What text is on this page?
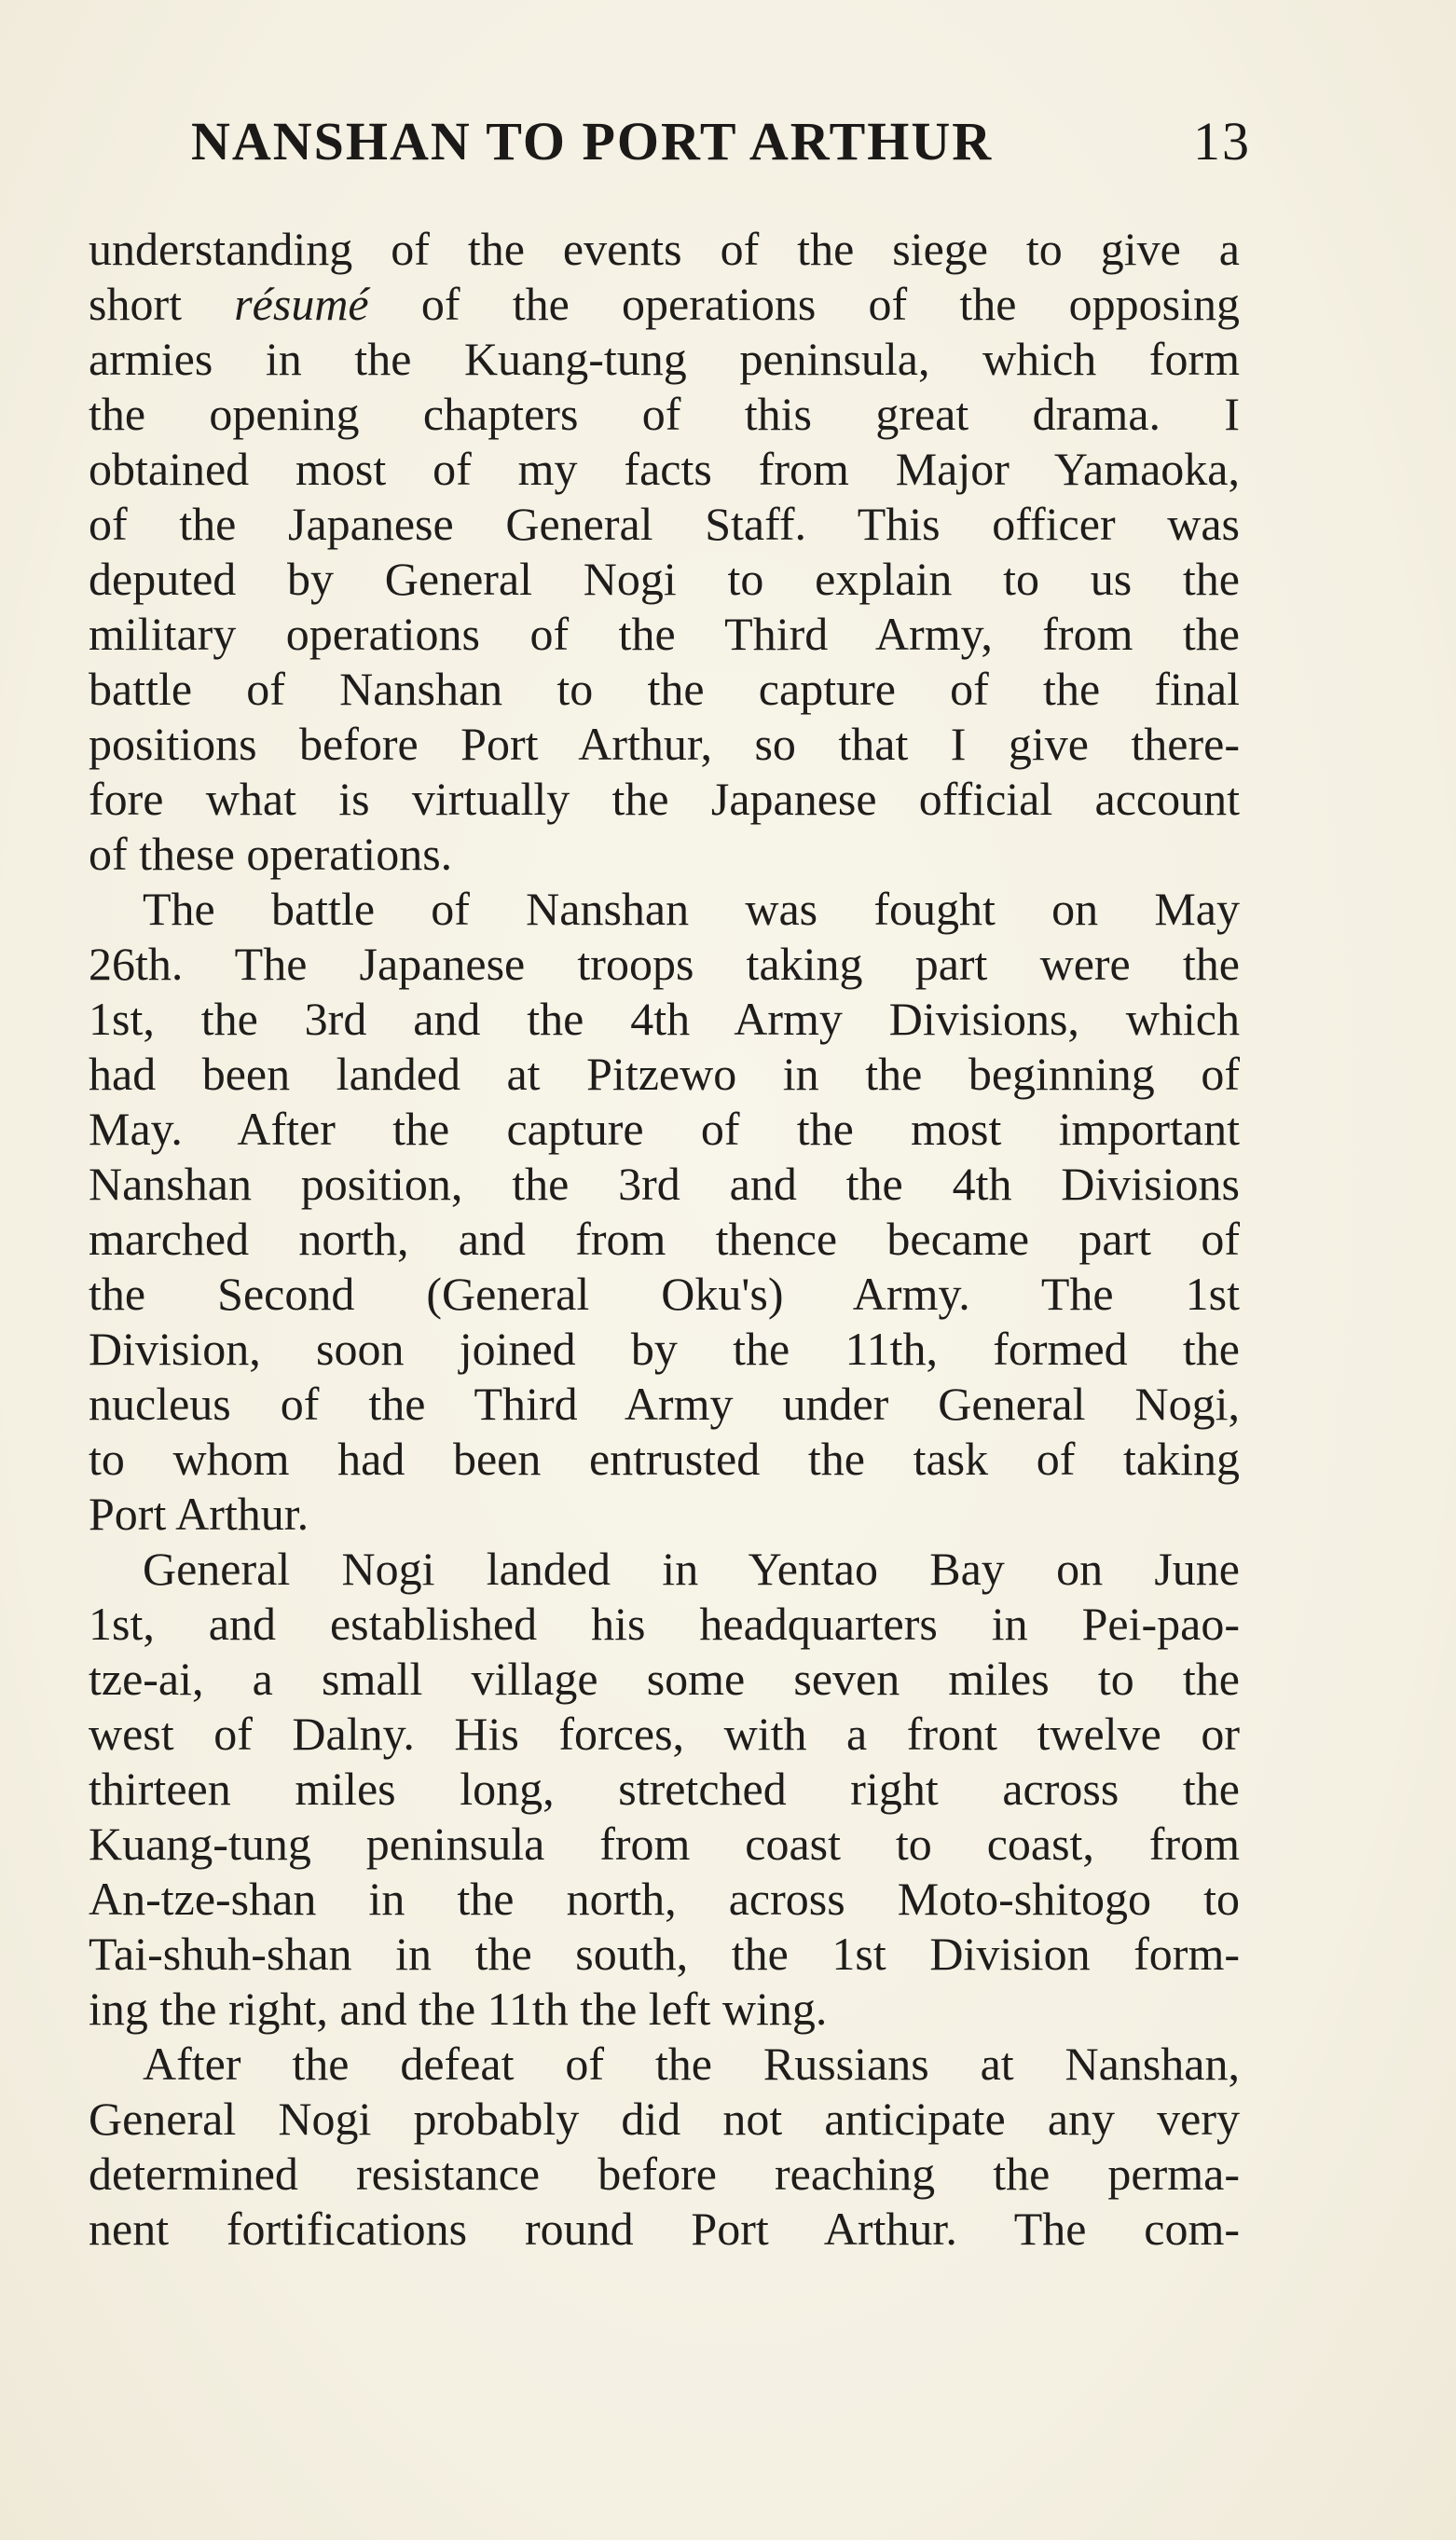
NANSHAN TO PORT ARTHUR	13
understanding of the events of the siege to give a
short résumé of the operations of the opposing
armies in the Kuang-tung peninsula, which form
the opening chapters of this great drama. I
obtained most of my facts from Major Yamaoka,
of the Japanese General Staff. This officer was
deputed by General Nogi to explain to us the
military operations of the Third Army, from the
battle of Nanshan to the capture of the final
positions before Port Arthur, so that I give there-
fore what is virtually the Japanese official account
of these operations.
The battle of Nanshan was fought on May
26th. The Japanese troops taking part were the
1st, the 3rd and the 4th Army Divisions, which
had been landed at Pitzewo in the beginning of
May. After the capture of the most important
Nanshan position, the 3rd and the 4th Divisions
marched north, and from thence became part of
the Second (General Oku's) Army. The 1st
Division, soon joined by the 11th, formed the
nucleus of the Third Army under General Nogi,
to whom had been entrusted the task of taking
Port Arthur.
General Nogi landed in Yentao Bay on June
1st, and established his headquarters in Pei-pao-
tze-ai, a small village some seven miles to the
west of Dalny. His forces, with a front twelve or
thirteen miles long, stretched right across the
Kuang-tung peninsula from coast to coast, from
An-tze-shan in the north, across Moto-shitogo to
Tai-shuh-shan in the south, the 1st Division form-
ing the right, and the 11th the left wing.
After the defeat of the Russians at Nanshan,
General Nogi probably did not anticipate any very
determined resistance before reaching the perma-
nent fortifications round Port Arthur. The com-
